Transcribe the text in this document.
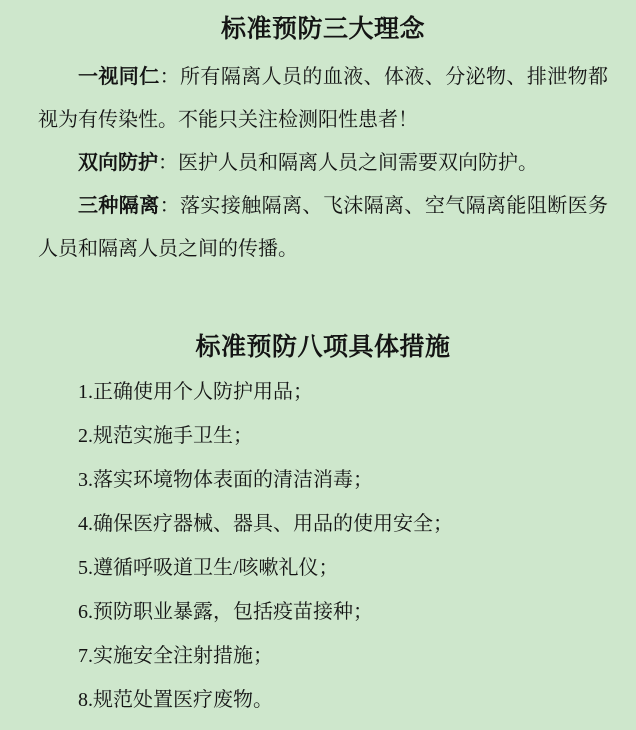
标准预防三大理念

一视同仁：所有隔离人员的血液、体液、分泌物、排泄物都视为有传染性。不能只关注检测阳性患者！

双向防护：医护人员和隔离人员之间需要双向防护。

三种隔离：落实接触隔离、飞沫隔离、空气隔离能阻断医务人员和隔离人员之间的传播。

标准预防八项具体措施

1.正确使用个人防护用品；

2.规范实施手卫生；

3.落实环境物体表面的清洁消毒；

4.确保医疗器械、器具、用品的使用安全；

5.遵循呼吸道卫生/咳嗽礼仪；

6.预防职业暴露，包括疫苗接种；

7.实施安全注射措施；

8.规范处置医疗废物。
